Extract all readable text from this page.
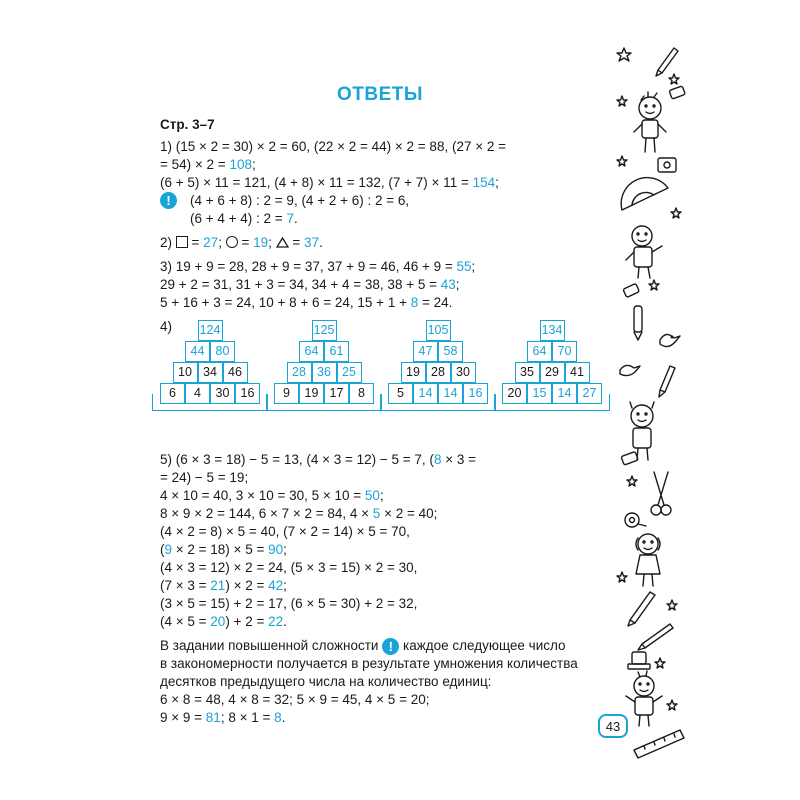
ОТВЕТЫ
Стр. 3–7
1) (15 × 2 = 30) × 2 = 60, (22 × 2 = 44) × 2 = 88, (27 × 2 =
= 54) × 2 = 108;
(6 + 5) × 11 = 121, (4 + 8) × 11 = 132, (7 + 7) × 11 = 154;
(4 + 6 + 8) : 2 = 9, (4 + 2 + 6) : 2 = 6,
(6 + 4 + 4) : 2 = 7.
2)  = 27;  = 19;  = 37.
3) 19 + 9 = 28, 28 + 9 = 37, 37 + 9 = 46, 46 + 9 = 55;
29 + 2 = 31, 31 + 3 = 34, 34 + 4 = 38, 38 + 5 = 43;
5 + 16 + 3 = 24, 10 + 8 + 6 = 24, 15 + 1 + 8 = 24.
4)
!
124
44 80
10 34 46
6	4	30 16
125
64 61
28 36 25
9	19 17	8
105
47 58
19 28 30
5	14 14 16
134
64 70
35 29 41
20 15 14 27
5) (6 × 3 = 18) − 5 = 13, (4 × 3 = 12) − 5 = 7, (8 × 3 =
= 24) − 5 = 19;
4 × 10 = 40, 3 × 10 = 30, 5 × 10 = 50;
8 × 9 × 2 = 144, 6 × 7 × 2 = 84, 4 × 5 × 2 = 40;
(4 × 2 = 8) × 5 = 40, (7 × 2 = 14) × 5 = 70,
(9 × 2 = 18) × 5 = 90;
(4 × 3 = 12) × 2 = 24, (5 × 3 = 15) × 2 = 30,
(7 × 3 = 21) × 2 = 42;
(3 × 5 = 15) + 2 = 17, (6 × 5 = 30) + 2 = 32,
(4 × 5 = 20) + 2 = 22.
В задании повышенной сложности ! каждое следующее число
в закономерности получается в результате умножения количества
десятков предыдущего числа на количество единиц:
6 × 8 = 48, 4 × 8 = 32; 5 × 9 = 45, 4 × 5 = 20;
9 × 9 = 81; 8 × 1 = 8.
43
